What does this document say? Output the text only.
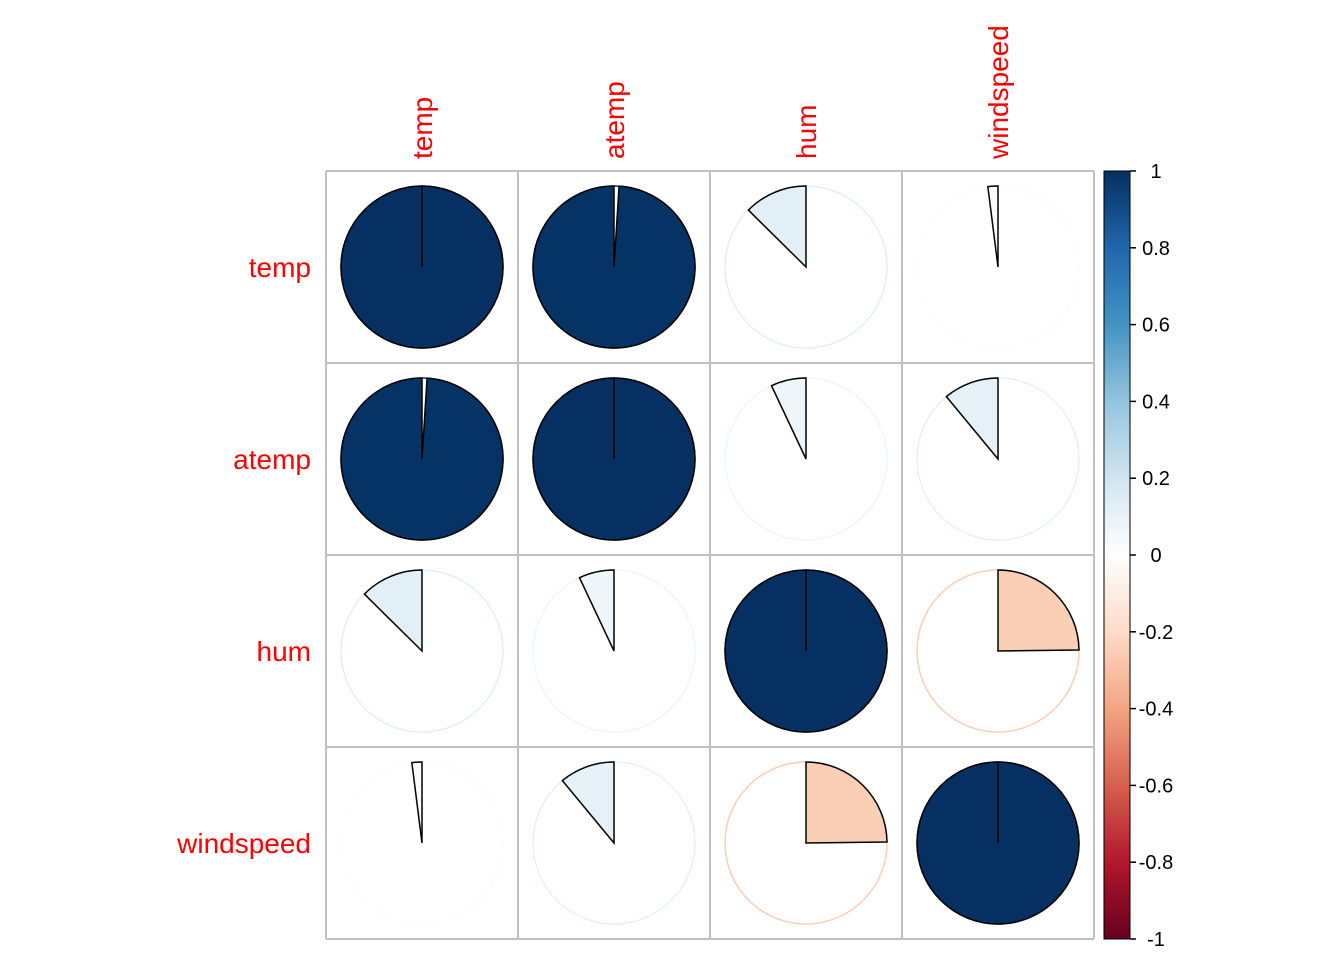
temp
atemp
hum
windspeed
temp	atemp	hum	windspeed
1
0.8
0.6
0.4
0.2
0
-0.2
-0.4
-0.6
-0.8
-1
